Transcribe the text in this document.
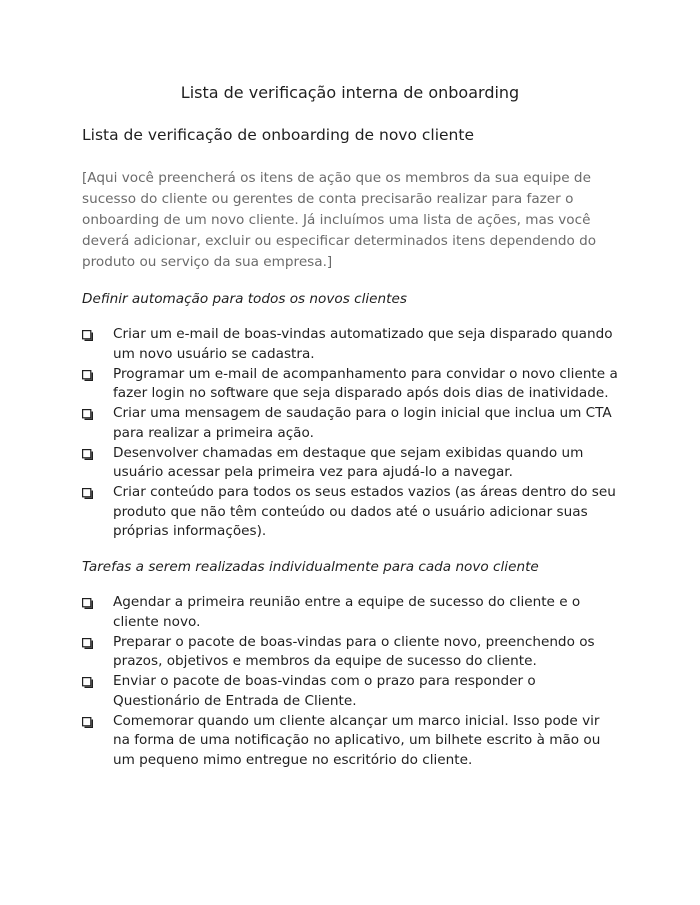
Lista de verificação interna de onboarding
Lista de verificação de onboarding de novo cliente

[Aqui você preencherá os itens de ação que os membros da sua equipe de sucesso do cliente ou gerentes de conta precisarão realizar para fazer o onboarding de um novo cliente. Já incluímos uma lista de ações, mas você deverá adicionar, excluir ou especificar determinados itens dependendo do produto ou serviço da sua empresa.]

Definir automação para todos os novos clientes
Criar um e-mail de boas-vindas automatizado que seja disparado quando um novo usuário se cadastra.
Programar um e-mail de acompanhamento para convidar o novo cliente a fazer login no software que seja disparado após dois dias de inatividade.
Criar uma mensagem de saudação para o login inicial que inclua um CTA para realizar a primeira ação.
Desenvolver chamadas em destaque que sejam exibidas quando um usuário acessar pela primeira vez para ajudá-lo a navegar.
Criar conteúdo para todos os seus estados vazios (as áreas dentro do seu produto que não têm conteúdo ou dados até o usuário adicionar suas próprias informações).
Tarefas a serem realizadas individualmente para cada novo cliente
Agendar a primeira reunião entre a equipe de sucesso do cliente e o cliente novo.
Preparar o pacote de boas-vindas para o cliente novo, preenchendo os prazos, objetivos e membros da equipe de sucesso do cliente.
Enviar o pacote de boas-vindas com o prazo para responder o Questionário de Entrada de Cliente.
Comemorar quando um cliente alcançar um marco inicial. Isso pode vir na forma de uma notificação no aplicativo, um bilhete escrito à mão ou um pequeno mimo entregue no escritório do cliente.
